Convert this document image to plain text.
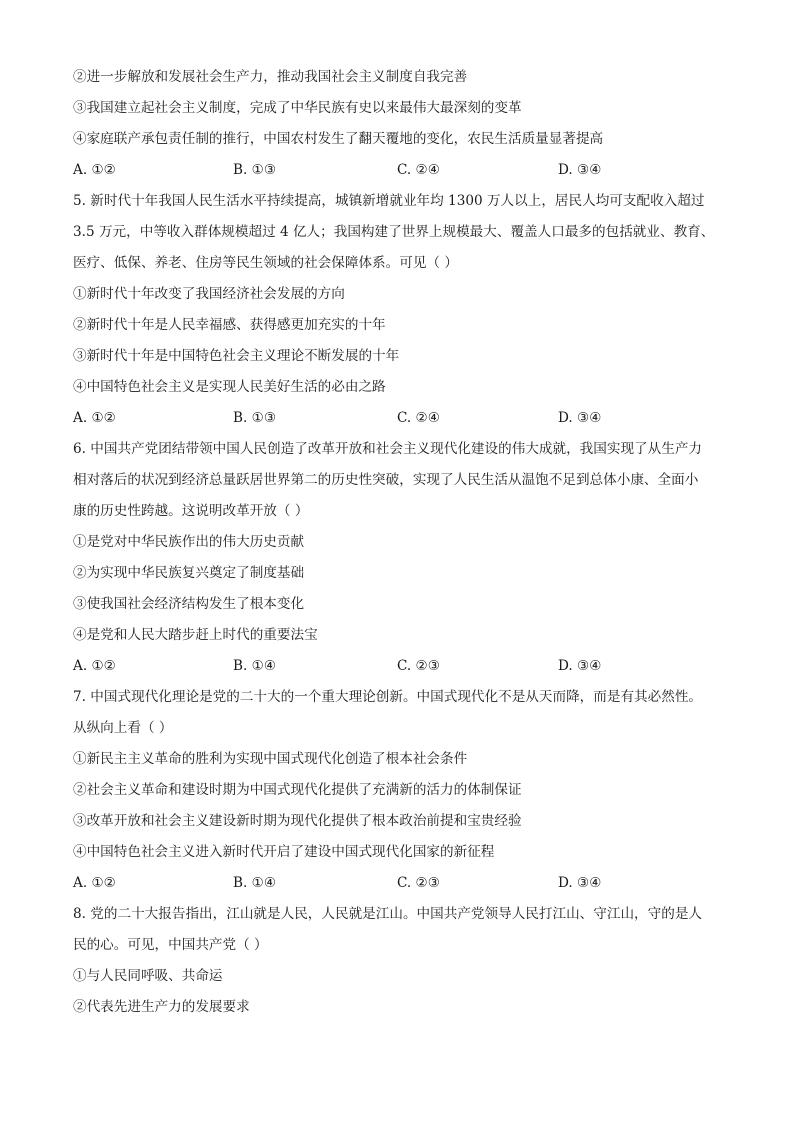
②进一步解放和发展社会生产力，推动我国社会主义制度自我完善
③我国建立起社会主义制度，完成了中华民族有史以来最伟大最深刻的变革
④家庭联产承包责任制的推行，中国农村发生了翻天覆地的变化，农民生活质量显著提高
A. ①②	B. ①③	C. ②④	D. ③④
5. 新时代十年我国人民生活水平持续提高，城镇新增就业年均 1300 万人以上，居民人均可支配收入超过
3.5 万元，中等收入群体规模超过 4 亿人；我国构建了世界上规模最大、覆盖人口最多的包括就业、教育、
医疗、低保、养老、住房等民生领域的社会保障体系。可见（ ）
①新时代十年改变了我国经济社会发展的方向
②新时代十年是人民幸福感、获得感更加充实的十年
③新时代十年是中国特色社会主义理论不断发展的十年
④中国特色社会主义是实现人民美好生活的必由之路
A. ①②	B. ①③	C. ②④	D. ③④
6. 中国共产党团结带领中国人民创造了改革开放和社会主义现代化建设的伟大成就，我国实现了从生产力
相对落后的状况到经济总量跃居世界第二的历史性突破，实现了人民生活从温饱不足到总体小康、全面小
康的历史性跨越。这说明改革开放（ ）
①是党对中华民族作出的伟大历史贡献
②为实现中华民族复兴奠定了制度基础
③使我国社会经济结构发生了根本变化
④是党和人民大踏步赶上时代的重要法宝
A. ①②	B. ①④	C. ②③	D. ③④
7. 中国式现代化理论是党的二十大的一个重大理论创新。中国式现代化不是从天而降，而是有其必然性。
从纵向上看（ ）
①新民主主义革命的胜利为实现中国式现代化创造了根本社会条件
②社会主义革命和建设时期为中国式现代化提供了充满新的活力的体制保证
③改革开放和社会主义建设新时期为现代化提供了根本政治前提和宝贵经验
④中国特色社会主义进入新时代开启了建设中国式现代化国家的新征程
A. ①②	B. ①④	C. ②③	D. ③④
8. 党的二十大报告指出，江山就是人民，人民就是江山。中国共产党领导人民打江山、守江山，守的是人
民的心。可见，中国共产党（ ）
①与人民同呼吸、共命运
②代表先进生产力的发展要求
